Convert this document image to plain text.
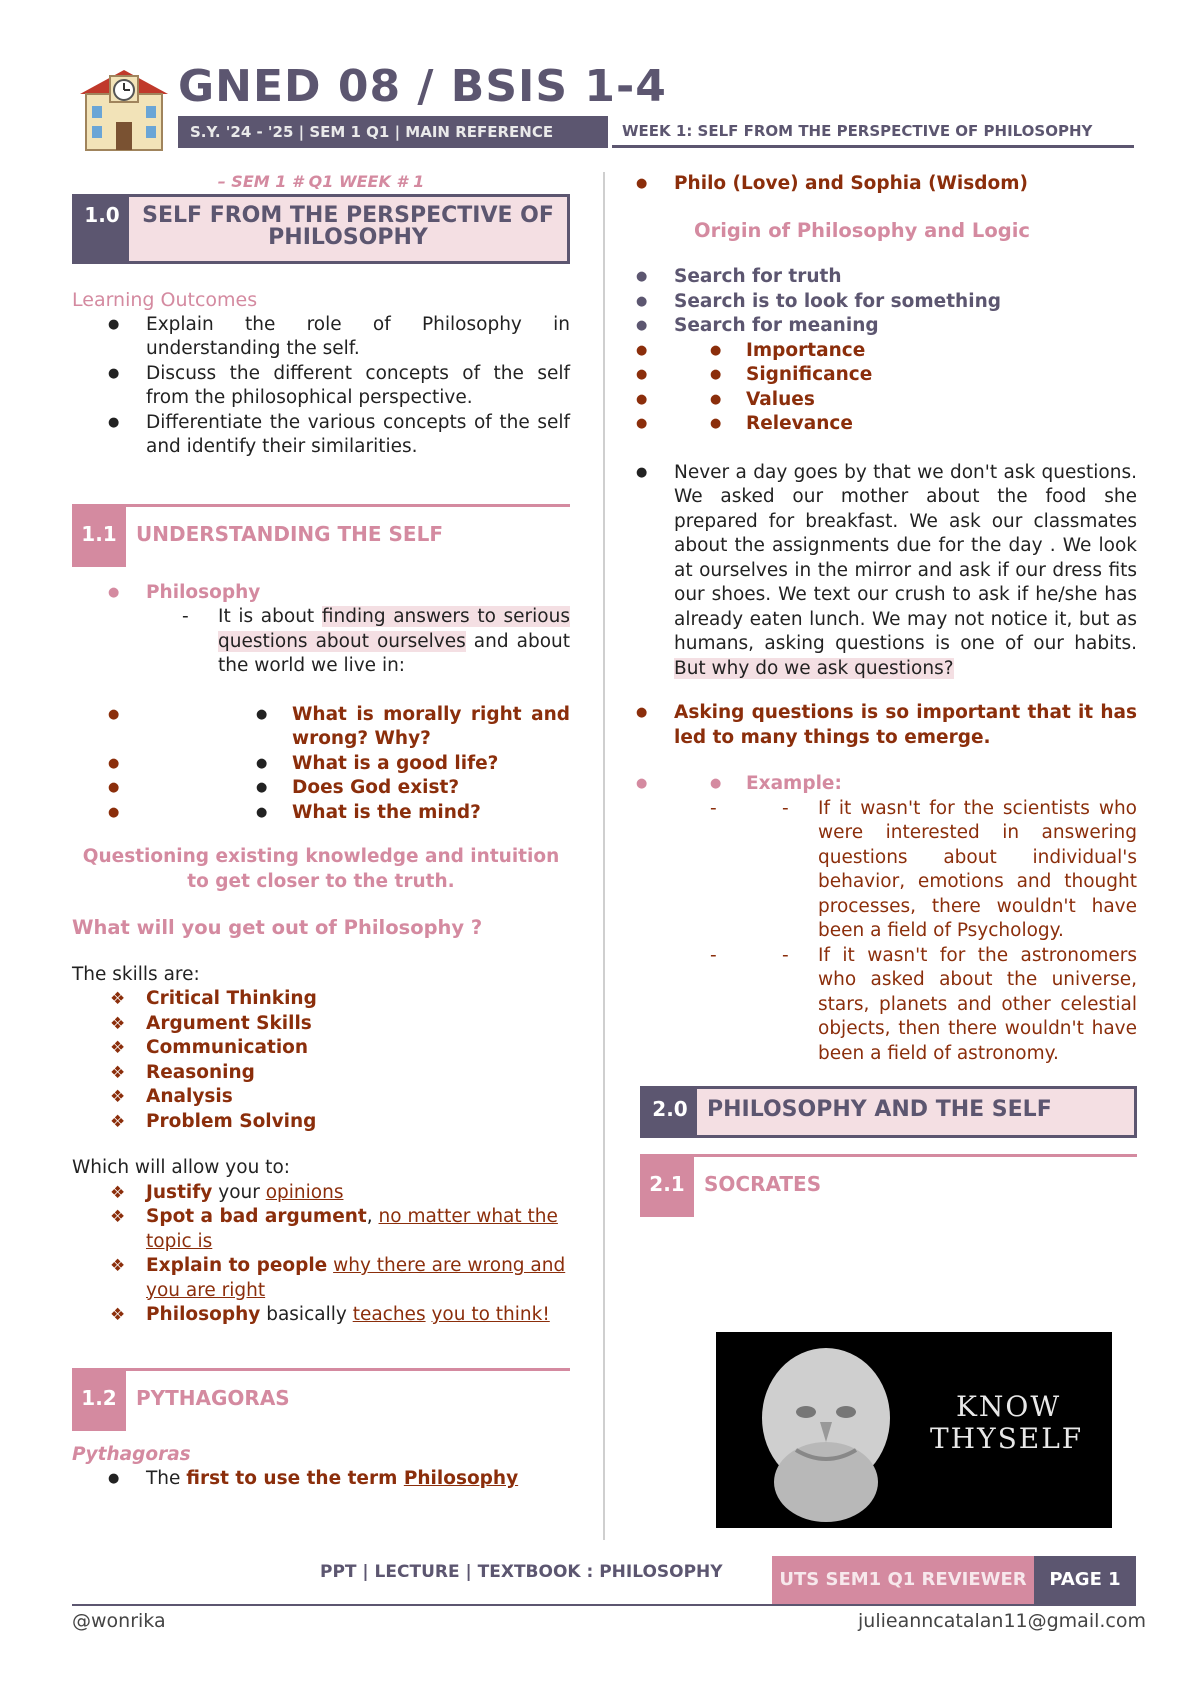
GNED 08 / BSIS 1-4
S.Y. '24 - '25 | SEM 1 Q1 | MAIN REFERENCE	WEEK 1: SELF FROM THE PERSPECTIVE OF PHILOSOPHY
– SEM 1 # Q1 WEEK # 1
1.0	SELF FROM THE PERSPECTIVE OF PHILOSOPHY
Learning Outcomes
● Explain the role of Philosophy in understanding the self.
● Discuss the different concepts of the self from the philosophical perspective.
● Differentiate the various concepts of the self and identify their similarities.
1.1 UNDERSTANDING THE SELF
● Philosophy
- It is about finding answers to serious questions about ourselves and about the world we live in:
● ● What is morally right and wrong? Why?
● ● What is a good life?
● ● Does God exist?
● ● What is the mind?
Questioning existing knowledge and intuition to get closer to the truth.
What will you get out of Philosophy ?
The skills are:
❖ Critical Thinking
❖ Argument Skills
❖ Communication
❖ Reasoning
❖ Analysis
❖ Problem Solving
Which will allow you to:
❖ Justify your opinions
❖ Spot a bad argument, no matter what the topic is
❖ Explain to people why there are wrong and you are right
❖ Philosophy basically teaches you to think!
1.2 PYTHAGORAS
Pythagoras
● The first to use the term Philosophy
● Philo (Love) and Sophia (Wisdom)
Origin of Philosophy and Logic
● Search for truth
● Search is to look for something
● Search for meaning
● ● Importance
● ● Significance
● ● Values
● ● Relevance
● Never a day goes by that we don't ask questions. We asked our mother about the food she prepared for breakfast. We ask our classmates about the assignments due for the day . We look at ourselves in the mirror and ask if our dress fits our shoes. We text our crush to ask if he/she has already eaten lunch. We may not notice it, but as humans, asking questions is one of our habits. But why do we ask questions?
● Asking questions is so important that it has led to many things to emerge.
● ● Example:
- - If it wasn't for the scientists who were interested in answering questions about individual's behavior, emotions and thought processes, there wouldn't have been a field of Psychology.
- - If it wasn't for the astronomers who asked about the universe, stars, planets and other celestial objects, then there wouldn't have been a field of astronomy.
2.0 PHILOSOPHY AND THE SELF
2.1 SOCRATES
KNOW
THYSELF
PPT | LECTURE | TEXTBOOK : PHILOSOPHY	UTS SEM1 Q1 REVIEWER	PAGE 1
@wonrika	julieanncatalan11@gmail.com
